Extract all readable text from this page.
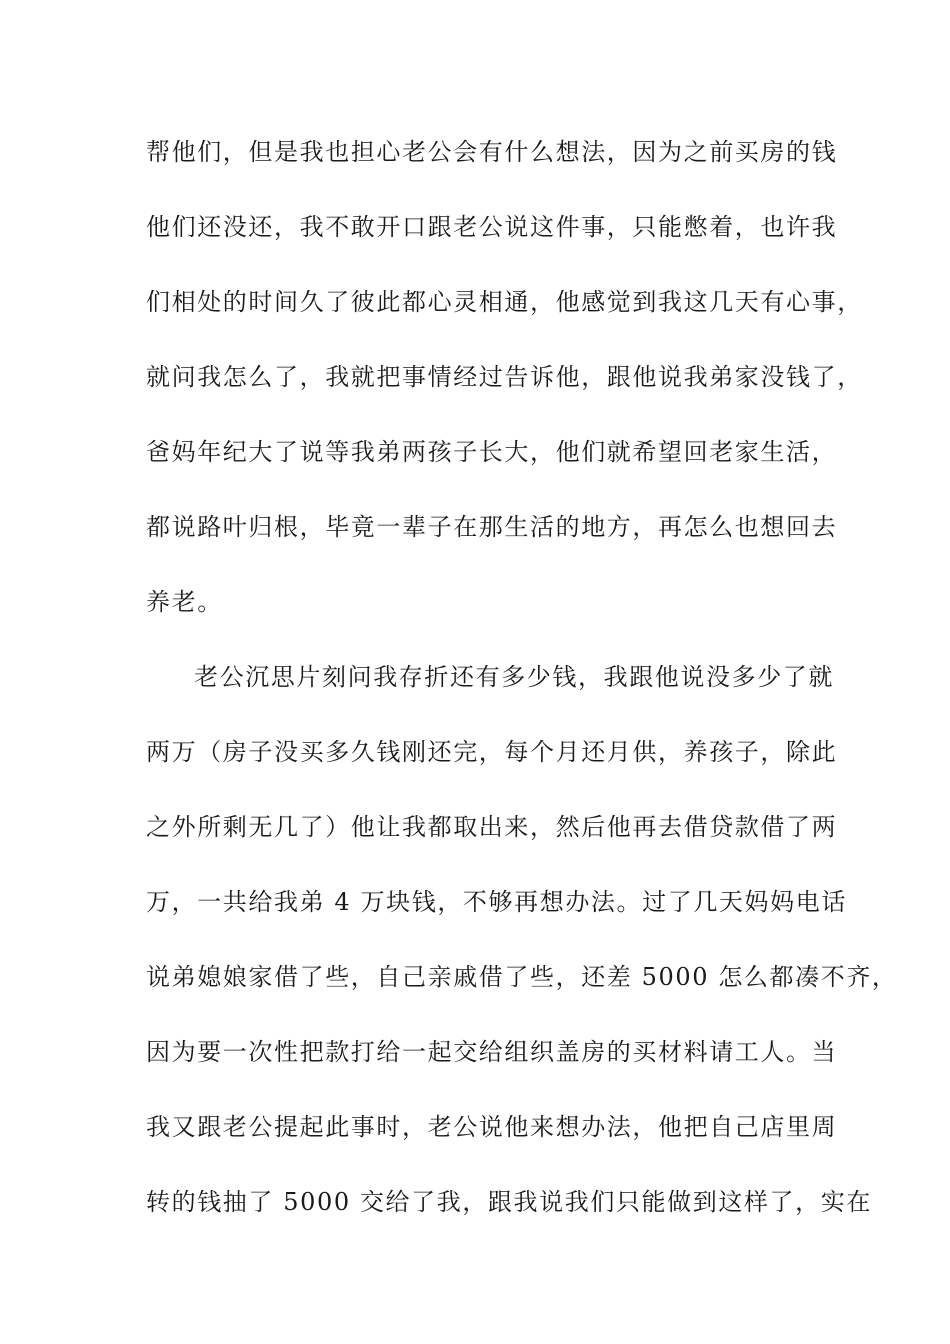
帮他们，但是我也担心老公会有什么想法，因为之前买房的钱
他们还没还，我不敢开口跟老公说这件事，只能憋着，也许我
们相处的时间久了彼此都心灵相通，他感觉到我这几天有心事，
就问我怎么了，我就把事情经过告诉他，跟他说我弟家没钱了，
爸妈年纪大了说等我弟两孩子长大，他们就希望回老家生活，
都说路叶归根，毕竟一辈子在那生活的地方，再怎么也想回去
养老。
老公沉思片刻问我存折还有多少钱，我跟他说没多少了就
两万（房子没买多久钱刚还完，每个月还月供，养孩子，除此
之外所剩无几了）他让我都取出来，然后他再去借贷款借了两
万，一共给我弟 4 万块钱，不够再想办法。过了几天妈妈电话
说弟媳娘家借了些，自己亲戚借了些，还差 5000 怎么都凑不齐，
因为要一次性把款打给一起交给组织盖房的买材料请工人。当
我又跟老公提起此事时，老公说他来想办法，他把自己店里周
转的钱抽了 5000 交给了我，跟我说我们只能做到这样了，实在
